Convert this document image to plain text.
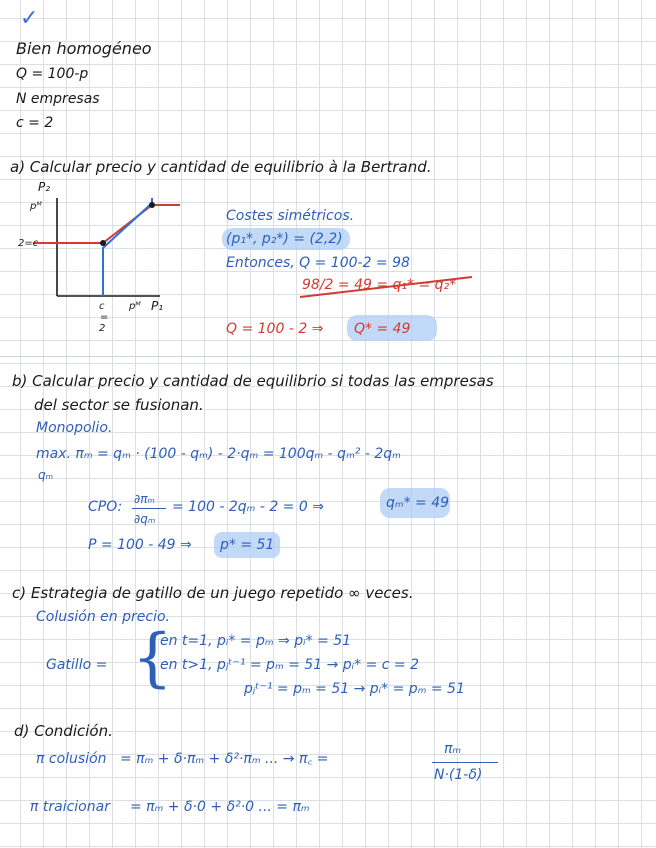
✓
Bien homogéneo
Q = 100-p
N empresas
c = 2
a) Calcular precio y cantidad de equilibrio à la Bertrand.
P₂
pᴹ
2=c
c
=
2
pᴹ P₁
Costes simétricos.
(p₁*, p₂*) = (2,2)
Entonces, Q = 100-2 = 98
98/2 = 49 = q₁* = q₂*
Q = 100 - 2 ⇒ Q* = 49
b) Calcular precio y cantidad de equilibrio si todas las empresas
del sector se fusionan.
Monopolio.
max. πₘ = qₘ · (100 - qₘ) - 2·qₘ = 100qₘ - qₘ² - 2qₘ
qₘ
CPO: ∂πₘ
∂qₘ
= 100 - 2qₘ - 2 = 0 ⇒	qₘ* = 49
P = 100 - 49 ⇒ p* = 51
c) Estrategia de gatillo de un juego repetido ∞ veces.
Colusión en precio.
Gatillo = {
en t=1, pᵢ* = pₘ ⇒ pᵢ* = 51
en t>1, pⱼᵗ⁻¹ = pₘ = 51 → pᵢ* = c = 2
pⱼᵗ⁻¹ = pₘ = 51 → pᵢ* = pₘ = 51
d) Condición.
π colusión = πₘ + δ·πₘ + δ²·πₘ ... → π꜀ =
πₘ
N·(1-δ)
π traicionar = πₘ + δ·0 + δ²·0 ... = πₘ
